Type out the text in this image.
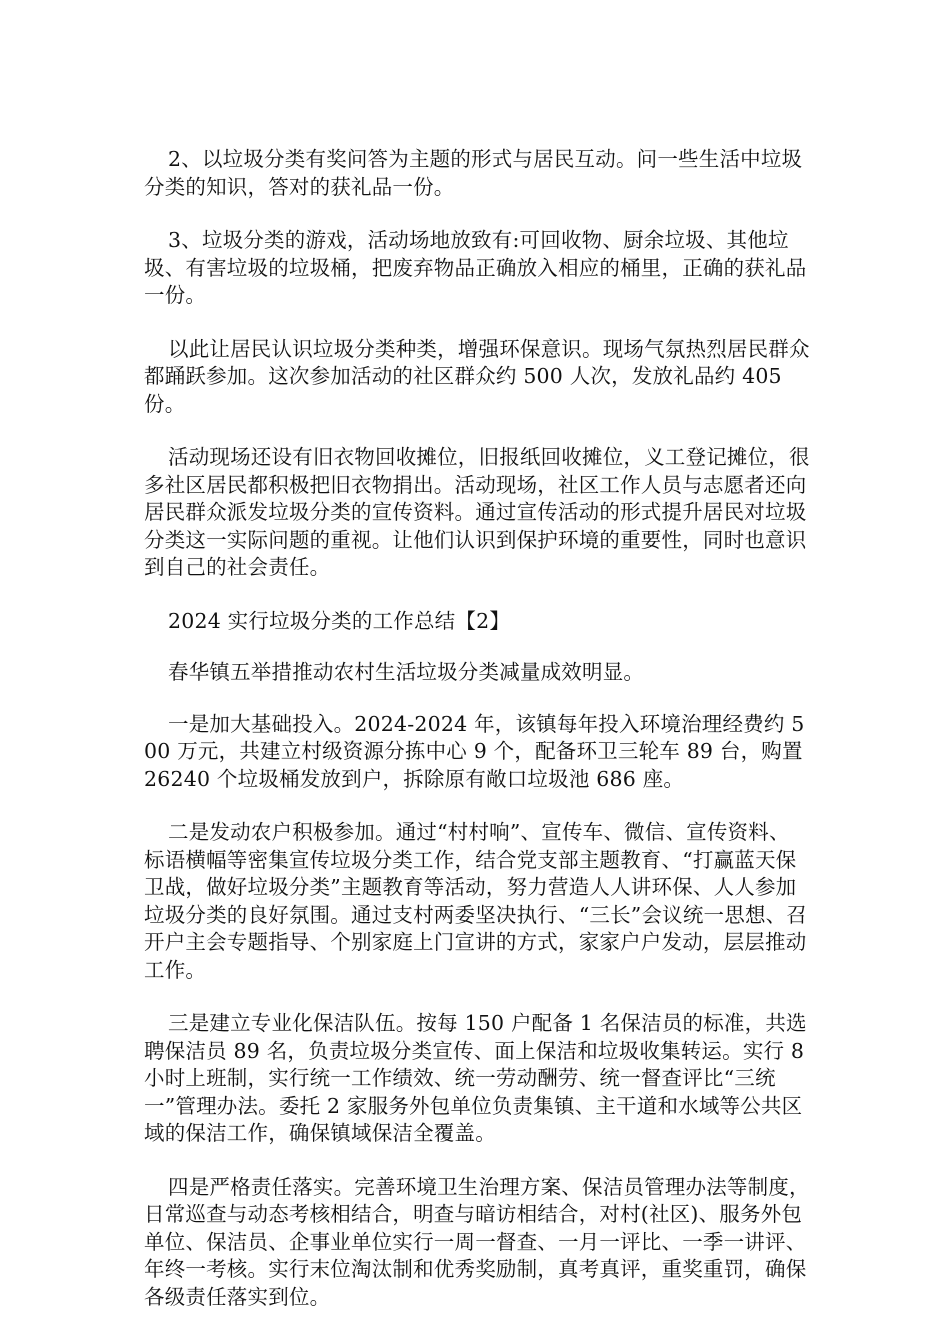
2、以垃圾分类有奖问答为主题的形式与居民互动。问一些生活中垃圾分类的知识，答对的获礼品一份。

3、垃圾分类的游戏，活动场地放致有:可回收物、厨余垃圾、其他垃圾、有害垃圾的垃圾桶，把废弃物品正确放入相应的桶里，正确的获礼品一份。

以此让居民认识垃圾分类种类，增强环保意识。现场气氛热烈居民群众都踊跃参加。这次参加活动的社区群众约 500 人次，发放礼品约 405 份。

活动现场还设有旧衣物回收摊位，旧报纸回收摊位，义工登记摊位，很多社区居民都积极把旧衣物捐出。活动现场，社区工作人员与志愿者还向居民群众派发垃圾分类的宣传资料。通过宣传活动的形式提升居民对垃圾分类这一实际问题的重视。让他们认识到保护环境的重要性，同时也意识到自己的社会责任。

2024 实行垃圾分类的工作总结【2】

春华镇五举措推动农村生活垃圾分类减量成效明显。

一是加大基础投入。2024-2024 年，该镇每年投入环境治理经费约 500 万元，共建立村级资源分拣中心 9 个，配备环卫三轮车 89 台，购置 26240 个垃圾桶发放到户，拆除原有敞口垃圾池 686 座。

二是发动农户积极参加。通过“村村响”、宣传车、微信、宣传资料、标语横幅等密集宣传垃圾分类工作，结合党支部主题教育、“打赢蓝天保卫战，做好垃圾分类”主题教育等活动，努力营造人人讲环保、人人参加垃圾分类的良好氛围。通过支村两委坚决执行、“三长”会议统一思想、召开户主会专题指导、个别家庭上门宣讲的方式，家家户户发动，层层推动工作。

三是建立专业化保洁队伍。按每 150 户配备 1 名保洁员的标准，共选聘保洁员 89 名，负责垃圾分类宣传、面上保洁和垃圾收集转运。实行 8 小时上班制，实行统一工作绩效、统一劳动酬劳、统一督查评比“三统一”管理办法。委托 2 家服务外包单位负责集镇、主干道和水域等公共区域的保洁工作，确保镇域保洁全覆盖。

四是严格责任落实。完善环境卫生治理方案、保洁员管理办法等制度，日常巡查与动态考核相结合，明查与暗访相结合，对村(社区)、服务外包单位、保洁员、企事业单位实行一周一督查、一月一评比、一季一讲评、年终一考核。实行末位淘汰制和优秀奖励制，真考真评，重奖重罚，确保各级责任落实到位。
